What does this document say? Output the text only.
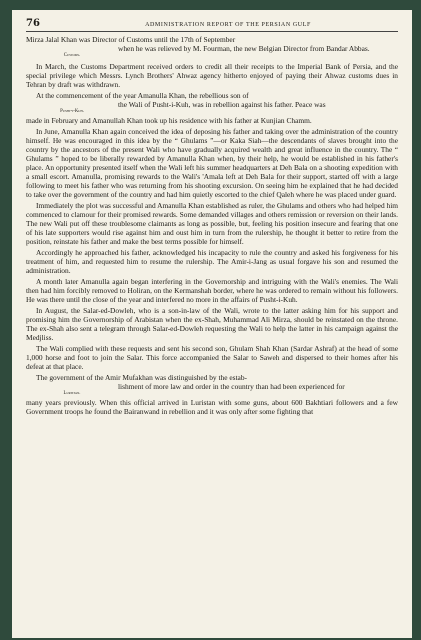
76	ADMINISTRATION REPORT OF THE PERSIAN GULF
Mirza Jalal Khan was Director of Customs until the 17th of September
Customs.
when he was relieved by M. Fourman, the new Belgian Director from Bandar Abbas.

In March, the Customs Department received orders to credit all their receipts to the Imperial Bank of Persia, and the special privilege which Messrs. Lynch Brothers' Ahwaz agency hitherto enjoyed of paying their Ahwaz customs dues in Tehran by draft was withdrawn.

At the commencement of the year Amanulla Khan, the rebellious son of
Pusht-i-Kuh.
the Wali of Pusht-i-Kuh, was in rebellion against his father. Peace was
made in February and Amanullah Khan took up his residence with his father at Kunjian Chamm.

In June, Amanulla Khan again conceived the idea of deposing his father and taking over the administration of the country himself. He was encouraged in this idea by the “ Ghulams ”—or Kaka Siah—the descendants of slaves brought into the country by the ancestors of the present Wali who have gradually acquired wealth and great influence in the country. The “ Ghulams ” hoped to be liberally rewarded by Amanulla Khan when, by their help, he would be established in his father's place. An opportunity presented itself when the Wali left his summer headquarters at Deh Bala on a shooting expedition with a small escort. Amanulla, promising rewards to the Wali's 'Amala left at Deh Bala for their support, started off with a large following to meet his father who was returning from his shooting excursion. On seeing him he explained that he had decided to take over the government of the country and had him quietly escorted to the chief Qaleh where he was placed under guard.

Immediately the plot was successful and Amanulla Khan established as ruler, the Ghulams and others who had helped him commenced to clamour for their promised rewards. Some demanded villages and others remission or reversion on their lands. The new Wali put off these troublesome claimants as long as possible, but, feeling his position insecure and fearing that one of his late supporters would rise against him and oust him in turn from the rulership, he thought it better to retire from the position, reinstate his father and make the best terms possible for himself.

Accordingly he approached his father, acknowledged his incapacity to rule the country and asked his forgiveness for his treatment of him, and requested him to resume the rulership. The Amir-i-Jang as usual forgave his son and resumed the administration.

A month later Amanulla again began interfering in the Governorship and intriguing with the Wali's enemies. The Wali then had him forcibly removed to Holiran, on the Kermanshah border, where he was ordered to remain without his followers. He was there until the close of the year and interfered no more in the affairs of Pusht-i-Kuh.

In August, the Salar-ed-Dowleh, who is a son-in-law of the Wali, wrote to the latter asking him for his support and promising him the Governorship of Arabistan when the ex-Shah, Muhammad Ali Mirza, should be reinstated on the throne. The ex-Shah also sent a telegram through Salar-ed-Dowleh requesting the Wali to help the latter in his campaign against the Medjliss.

The Wali complied with these requests and sent his second son, Ghulam Shah Khan (Sardar Ashraf) at the head of some 1,000 horse and foot to join the Salar. This force accompanied the Salar to Saweh and dispersed to their homes after his defeat at that place.

The government of the Amir Mufakhan was distinguished by the estab-
Luristan.
lishment of more law and order in the country than had been experienced for
many years previously. When this official arrived in Luristan with some guns, about 600 Bakhtiari followers and a few Government troops he found the Bairanwand in rebellion and it was only after some fighting that
